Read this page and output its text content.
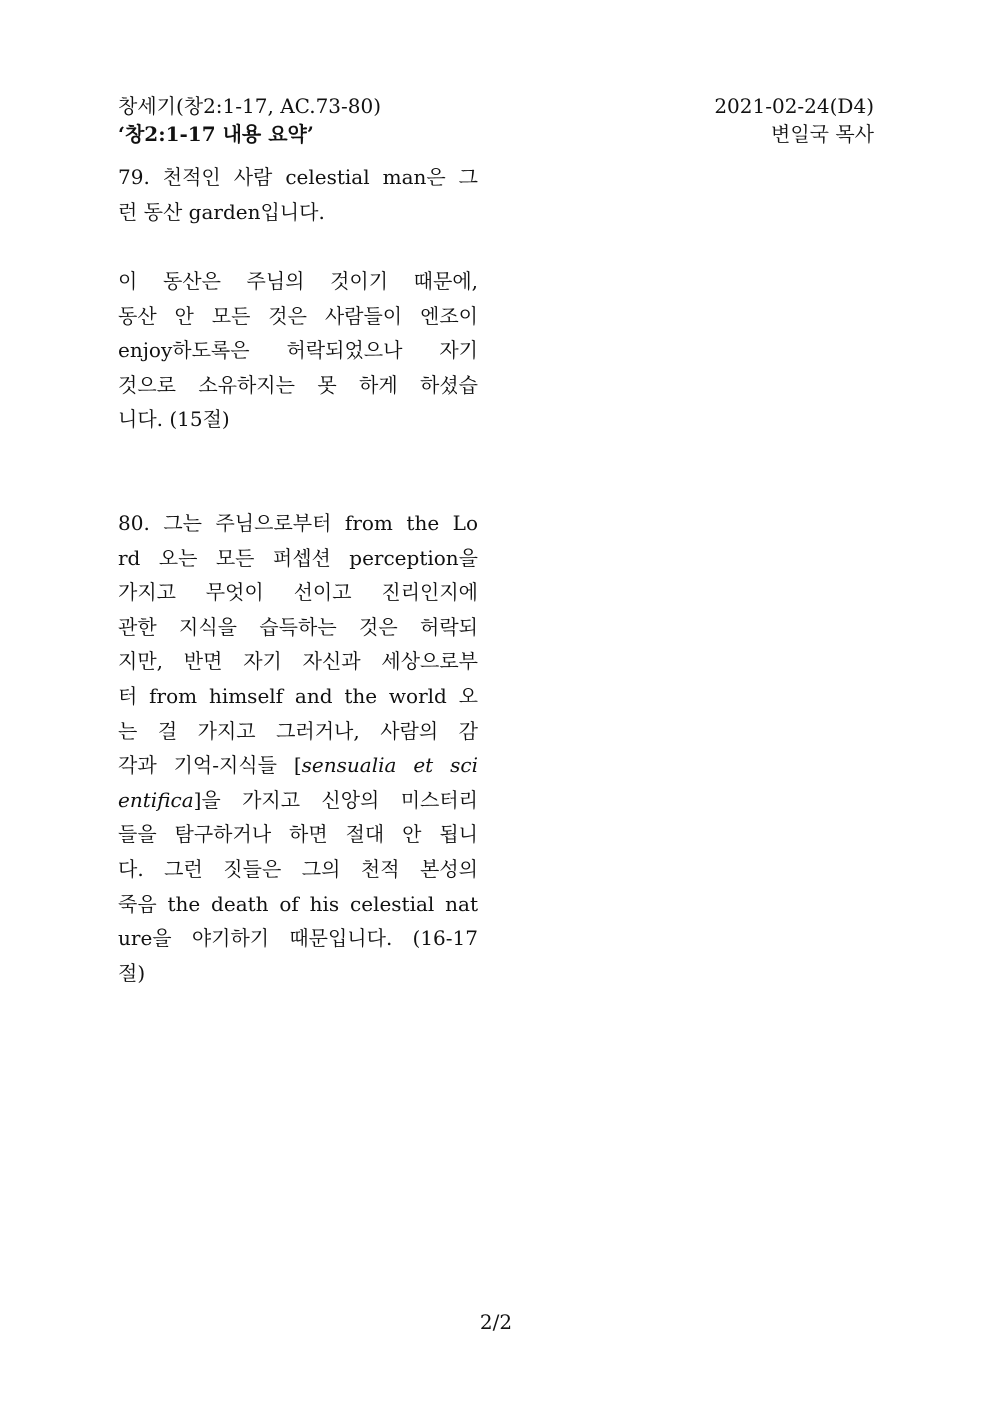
창세기(창2:1-17, AC.73-80)
‘창2:1-17 내용 요약’
2021-02-24(D4)
변일국 목사
79. 천적인 사람 celestial man은 그
런 동산 garden입니다.
이 동산은 주님의 것이기 때문에,
동산 안 모든 것은 사람들이 엔조이
enjoy하도록은 허락되었으나 자기
것으로 소유하지는 못 하게 하셨습
니다. (15절)
80. 그는 주님으로부터 from the Lo
rd 오는 모든 퍼셉션 perception을
가지고 무엇이 선이고 진리인지에
관한 지식을 습득하는 것은 허락되
지만, 반면 자기 자신과 세상으로부
터 from himself and the world 오
는 걸 가지고 그러거나, 사람의 감
각과 기억-지식들 [sensualia et sci
entifica]을 가지고 신앙의 미스터리
들을 탐구하거나 하면 절대 안 됩니
다. 그런 짓들은 그의 천적 본성의
죽음 the death of his celestial nat
ure을 야기하기 때문입니다. (16-17
절)
2/2
